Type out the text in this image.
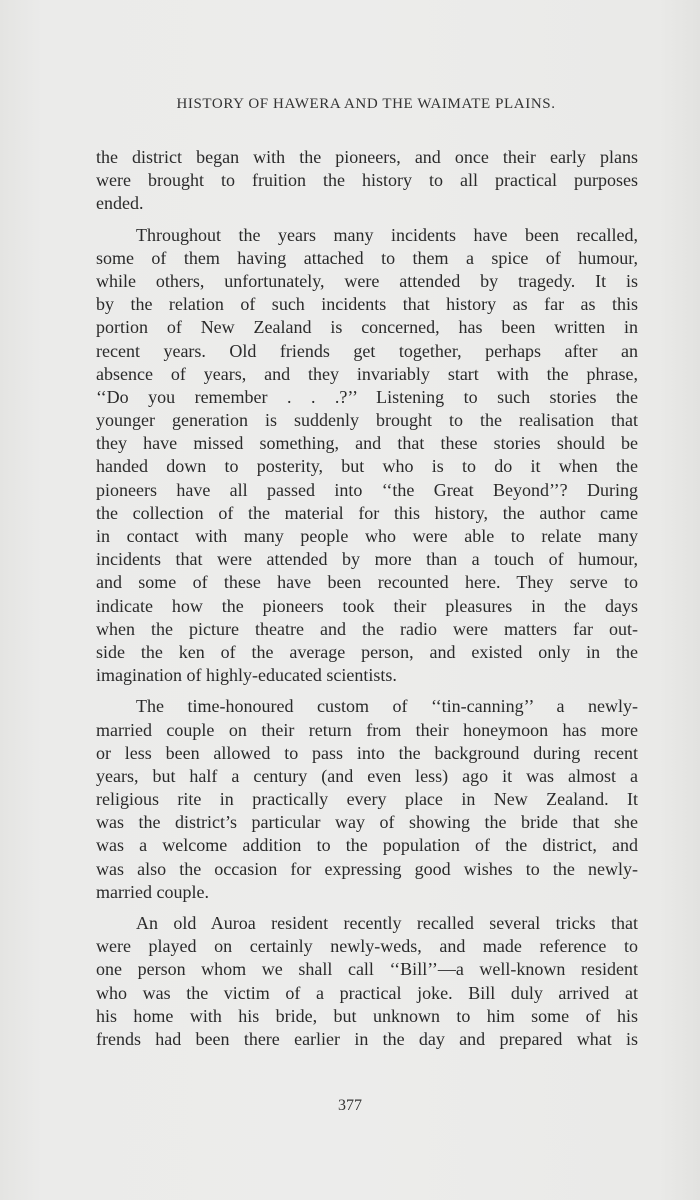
HISTORY OF HAWERA AND THE WAIMATE PLAINS.
the district began with the pioneers, and once their early plans
were brought to fruition the history to all practical purposes
ended.
Throughout the years many incidents have been recalled,
some of them having attached to them a spice of humour,
while others, unfortunately, were attended by tragedy. It is
by the relation of such incidents that history as far as this
portion of New Zealand is concerned, has been written in
recent years. Old friends get together, perhaps after an
absence of years, and they invariably start with the phrase,
‘‘Do you remember . . .?’’ Listening to such stories the
younger generation is suddenly brought to the realisation that
they have missed something, and that these stories should be
handed down to posterity, but who is to do it when the
pioneers have all passed into ‘‘the Great Beyond’’? During
the collection of the material for this history, the author came
in contact with many people who were able to relate many
incidents that were attended by more than a touch of humour,
and some of these have been recounted here. They serve to
indicate how the pioneers took their pleasures in the days
when the picture theatre and the radio were matters far out-
side the ken of the average person, and existed only in the
imagination of highly-educated scientists.
The time-honoured custom of ‘‘tin-canning’’ a newly-
married couple on their return from their honeymoon has more
or less been allowed to pass into the background during recent
years, but half a century (and even less) ago it was almost a
religious rite in practically every place in New Zealand. It
was the district’s particular way of showing the bride that she
was a welcome addition to the population of the district, and
was also the occasion for expressing good wishes to the newly-
married couple.
An old Auroa resident recently recalled several tricks that
were played on certainly newly-weds, and made reference to
one person whom we shall call ‘‘Bill’’—a well-known resident
who was the victim of a practical joke. Bill duly arrived at
his home with his bride, but unknown to him some of his
frends had been there earlier in the day and prepared what is
377
